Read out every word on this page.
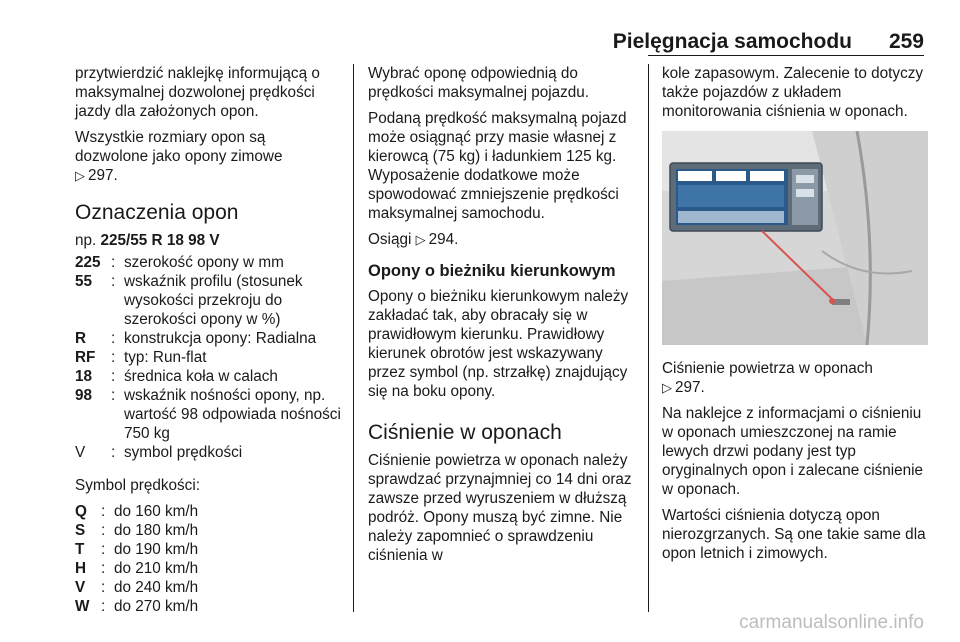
Pielęgnacja samochodu 259

przytwierdzić naklejkę informującą o maksymalnej dozwolonej prędkości jazdy dla założonych opon.

Wszystkie rozmiary opon są dozwolone jako opony zimowe
▷ 297.

Oznaczenia opon

np. 225/55 R 18 98 V

225 : szerokość opony w mm
55	: wskaźnik profilu (stosunek wysokości przekroju do szerokości opony w %)
R	: konstrukcja opony: Radialna
RF	: typ: Run-flat
18	: średnica koła w calach
98	: wskaźnik nośności opony, np. wartość 98 odpowiada nośności 750 kg
V	: symbol prędkości

Symbol prędkości:

Q : do 160 km/h
S	: do 180 km/h
T	: do 190 km/h
H : do 210 km/h
V	: do 240 km/h
W : do 270 km/h

Wybrać oponę odpowiednią do prędkości maksymalnej pojazdu.

Podaną prędkość maksymalną pojazd może osiągnąć przy masie własnej z kierowcą (75 kg) i ładunkiem 125 kg. Wyposażenie dodatkowe może spowodować zmniejszenie prędkości maksymalnej samochodu.

Osiągi ▷ 294.

Opony o bieżniku kierunkowym

Opony o bieżniku kierunkowym należy zakładać tak, aby obracały się w prawidłowym kierunku. Prawidłowy kierunek obrotów jest wskazywany przez symbol (np. strzałkę) znajdujący się na boku opony.

Ciśnienie w oponach

Ciśnienie powietrza w oponach należy sprawdzać przynajmniej co 14 dni oraz zawsze przed wyruszeniem w dłuższą podróż. Opony muszą być zimne. Nie należy zapomnieć o sprawdzeniu ciśnienia w

kole zapasowym. Zalecenie to dotyczy także pojazdów z układem monitorowania ciśnienia w oponach.

Ciśnienie powietrza w oponach
▷ 297.

Na naklejce z informacjami o ciśnieniu w oponach umieszczonej na ramie lewych drzwi podany jest typ oryginalnych opon i zalecane ciśnienie w oponach.

Wartości ciśnienia dotyczą opon nierozgrzanych. Są one takie same dla opon letnich i zimowych.

carmanualsonline.info
